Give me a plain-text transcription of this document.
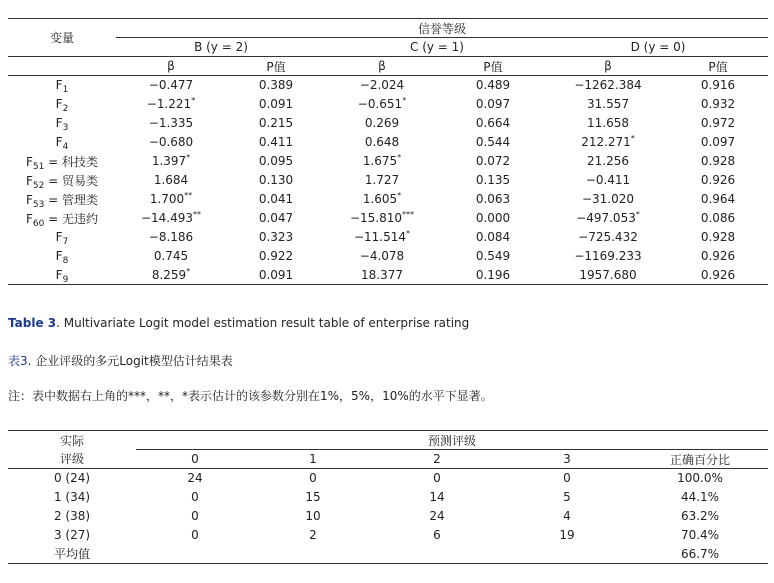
变量	信誉等级					
	B (y = 2)		C (y = 1)		D (y = 0)	
	β	P值	β	P值	β	P值
$F_1$	−0.477	0.389	−2.024	0.489	−1262.384	0.916
$F_2$	−1.221*	0.091	−0.651*	0.097	31.557	0.932
$F_3$	−1.335	0.215	0.269	0.664	11.658	0.972
$F_4$	−0.680	0.411	0.648	0.544	212.271*	0.097
$F_{51}$ = 科技类	1.397*	0.095	1.675*	0.072	21.256	0.928
$F_{52}$ = 贸易类	1.684	0.130	1.727	0.135	−0.411	0.926
$F_{53}$ = 管理类	1.700**	0.041	1.605*	0.063	−31.020	0.964
$F_{60}$ = 无违约	−14.493**	0.047	−15.810***	0.000	−497.053*	0.086
$F_7$	−8.186	0.323	−11.514*	0.084	−725.432	0.928
$F_8$	0.745	0.922	−4.078	0.549	−1169.233	0.926
$F_9$	8.259*	0.091	18.377	0.196	1957.680	0.926
Table 3. Multivariate Logit model estimation result table of enterprise rating
表3. 企业评级的多元Logit模型估计结果表
注：表中数据右上角的***，**，*表示估计的该参数分别在1%，5%，10%的水平下显著。
实际	预测评级				
评级	0	1	2	3	正确百分比
0 (24)	24	0	0	0	100.0%
1 (34)	0	15	14	5	44.1%
2 (38)	0	10	24	4	63.2%
3 (27)	0	2	6	19	70.4%
平均值					66.7%
